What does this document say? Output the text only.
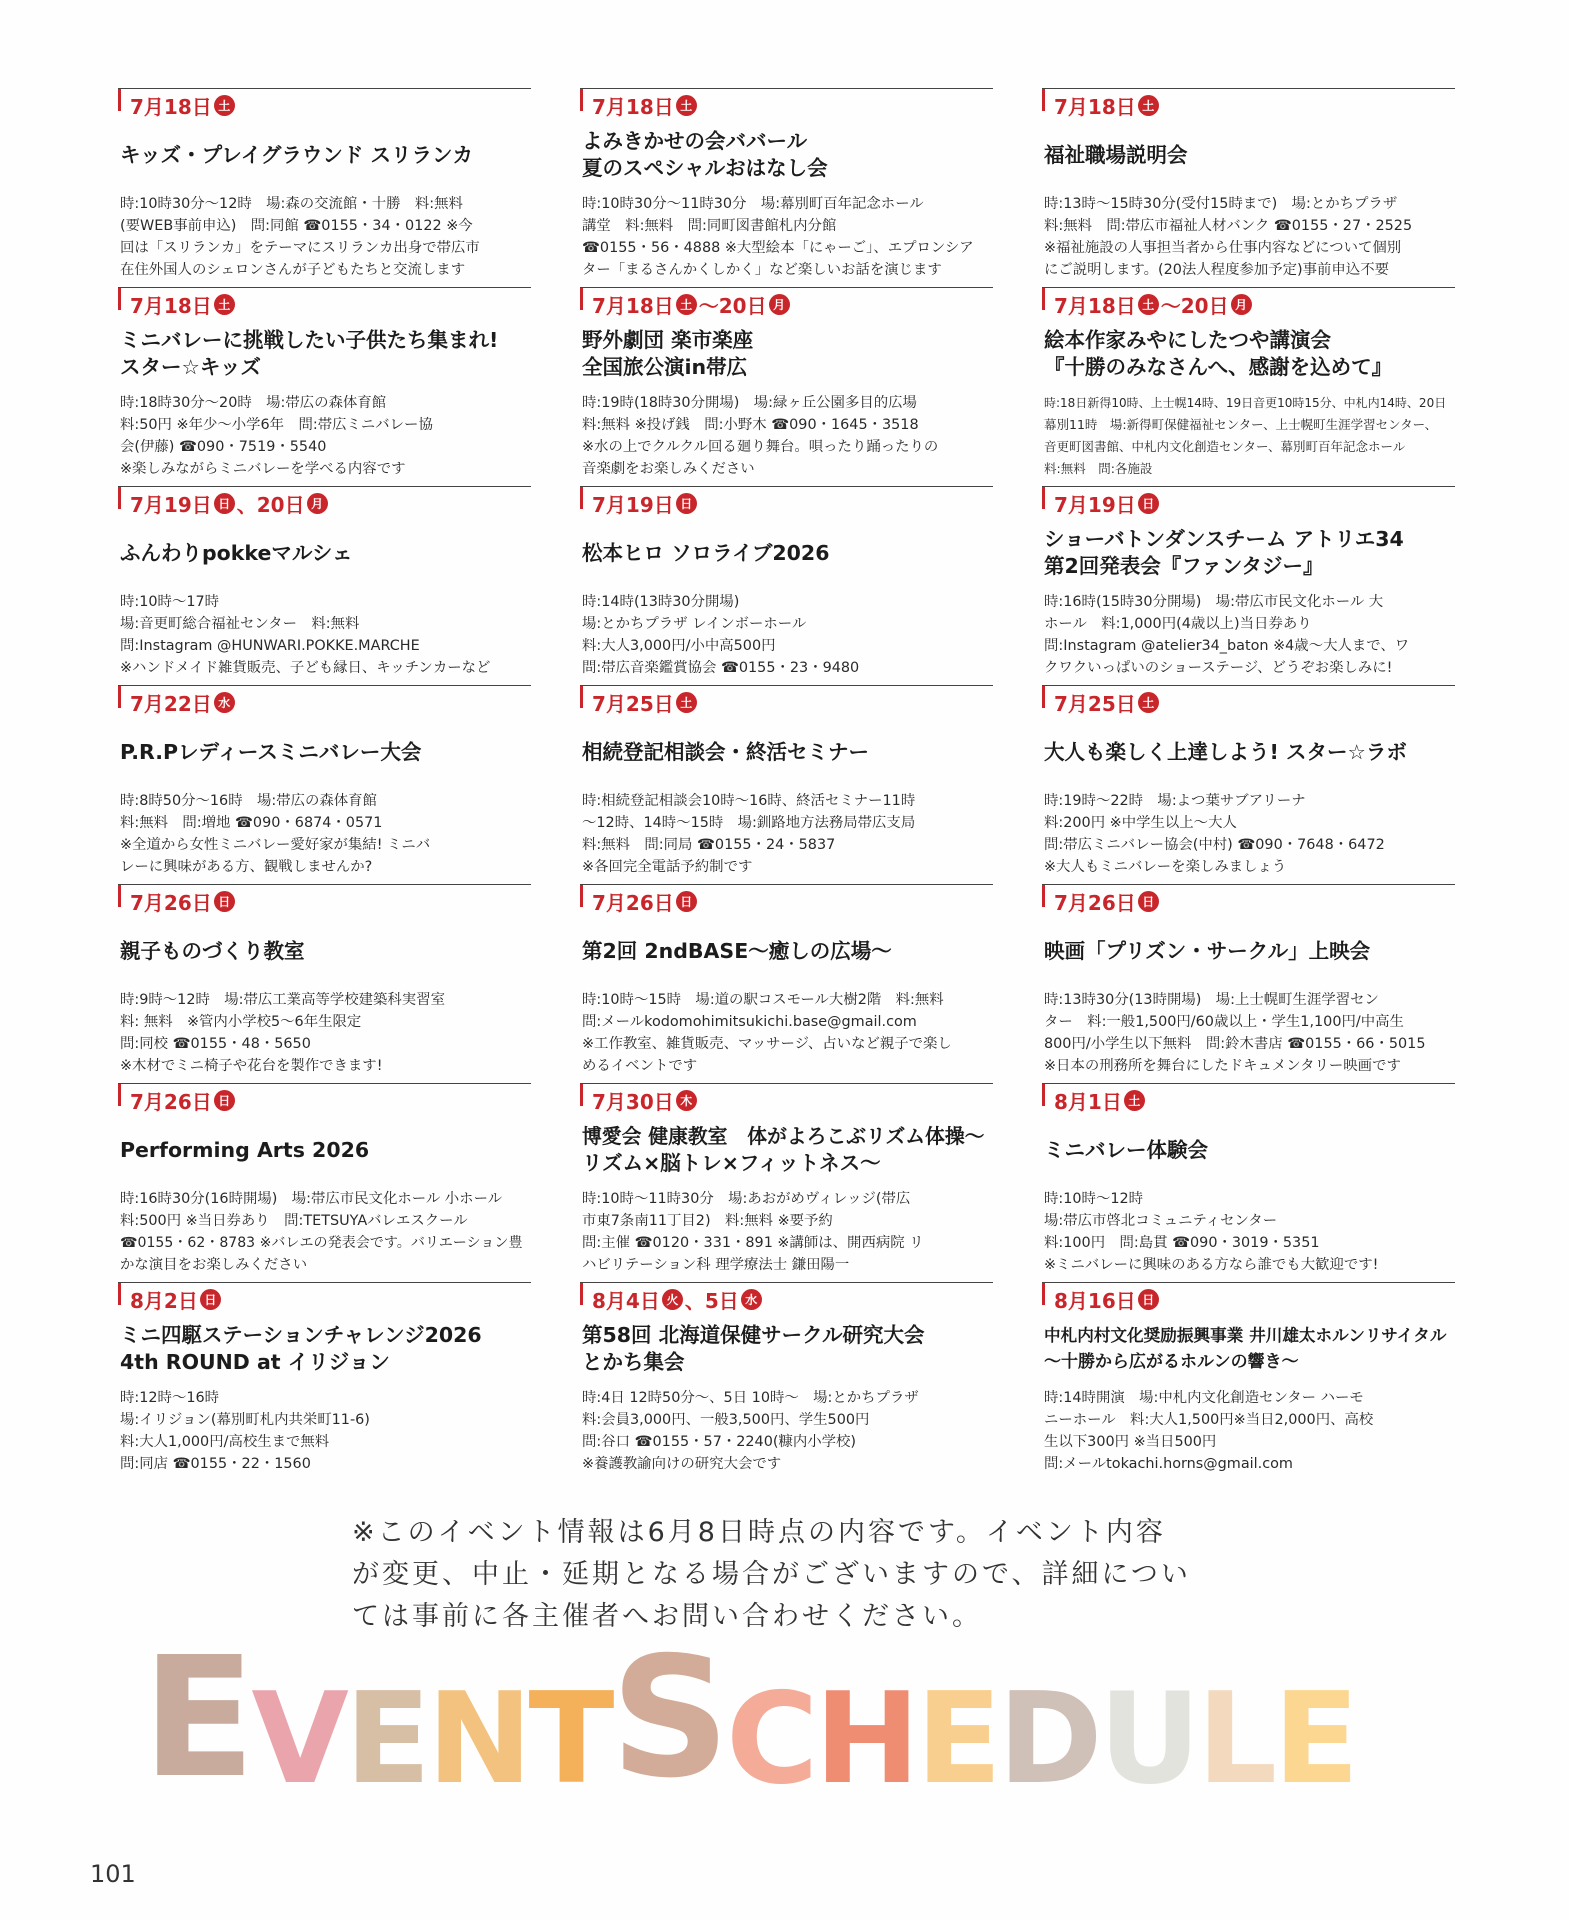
7月18日 土
キッズ・プレイグラウンド スリランカ
時:10時30分～12時　場:森の交流館・十勝　料:無料
(要WEB事前申込)　問:同館 ☎0155・34・0122 ※今
回は「スリランカ」をテーマにスリランカ出身で帯広市
在住外国人のシェロンさんが子どもたちと交流します
7月18日 土
よみきかせの会ババール
夏のスペシャルおはなし会
時:10時30分～11時30分　場:幕別町百年記念ホール
講堂　料:無料　問:同町図書館札内分館
☎0155・56・4888 ※大型絵本「にゃーご」、エプロンシア
ター「まるさんかくしかく」など楽しいお話を演じます
7月18日 土
福祉職場説明会
時:13時～15時30分(受付15時まで)　場:とかちプラザ
料:無料　問:帯広市福祉人材バンク ☎0155・27・2525
※福祉施設の人事担当者から仕事内容などについて個別
にご説明します。(20法人程度参加予定)事前申込不要
7月18日 土
ミニバレーに挑戦したい子供たち集まれ!
スター☆キッズ
時:18時30分～20時　場:帯広の森体育館
料:50円 ※年少～小学6年　問:帯広ミニバレー協
会(伊藤) ☎090・7519・5540
※楽しみながらミニバレーを学べる内容です
7月18日 土 ～20日 月
野外劇団 楽市楽座
全国旅公演in帯広
時:19時(18時30分開場)　場:緑ヶ丘公園多目的広場
料:無料 ※投げ銭　問:小野木 ☎090・1645・3518
※水の上でクルクル回る廻り舞台。唄ったり踊ったりの
音楽劇をお楽しみください
7月18日 土 ～20日 月
絵本作家みやにしたつや講演会
『十勝のみなさんへ、感謝を込めて』
時:18日新得10時、上士幌14時、19日音更10時15分、中札内14時、20日
幕別11時　場:新得町保健福祉センター、上士幌町生涯学習センター、
音更町図書館、中札内文化創造センター、幕別町百年記念ホール
料:無料　問:各施設
7月19日 日 、20日 月
ふんわりpokkeマルシェ
時:10時～17時
場:音更町総合福祉センター　料:無料
問:Instagram @HUNWARI.POKKE.MARCHE
※ハンドメイド雑貨販売、子ども縁日、キッチンカーなど
7月19日 日
松本ヒロ ソロライブ2026
時:14時(13時30分開場)
場:とかちプラザ レインボーホール
料:大人3,000円/小中高500円
問:帯広音楽鑑賞協会 ☎0155・23・9480
7月19日 日
ショーバトンダンスチーム アトリエ34
第2回発表会『ファンタジー』
時:16時(15時30分開場)　場:帯広市民文化ホール 大
ホール　料:1,000円(4歳以上)当日券あり
問:Instagram @atelier34_baton ※4歳～大人まで、ワ
クワクいっぱいのショーステージ、どうぞお楽しみに!
7月22日 水
P.R.Pレディースミニバレー大会
時:8時50分～16時　場:帯広の森体育館
料:無料　問:増地 ☎090・6874・0571
※全道から女性ミニバレー愛好家が集結! ミニバ
レーに興味がある方、観戦しませんか?
7月25日 土
相続登記相談会・終活セミナー
時:相続登記相談会10時～16時、終活セミナー11時
～12時、14時～15時　場:釧路地方法務局帯広支局
料:無料　問:同局 ☎0155・24・5837
※各回完全電話予約制です
7月25日 土
大人も楽しく上達しよう! スター☆ラボ
時:19時～22時　場:よつ葉サブアリーナ
料:200円 ※中学生以上～大人
問:帯広ミニバレー協会(中村) ☎090・7648・6472
※大人もミニバレーを楽しみましょう
7月26日 日
親子ものづくり教室
時:9時～12時　場:帯広工業高等学校建築科実習室
料: 無料　※管内小学校5～6年生限定
問:同校 ☎0155・48・5650
※木材でミニ椅子や花台を製作できます!
7月26日 日
第2回 2ndBASE～癒しの広場～
時:10時～15時　場:道の駅コスモール大樹2階　料:無料
問:メールkodomohimitsukichi.base@gmail.com
※工作教室、雑貨販売、マッサージ、占いなど親子で楽し
めるイベントです
7月26日 日
映画「プリズン・サークル」上映会
時:13時30分(13時開場)　場:上士幌町生涯学習セン
ター　料:一般1,500円/60歳以上・学生1,100円/中高生
800円/小学生以下無料　問:鈴木書店 ☎0155・66・5015
※日本の刑務所を舞台にしたドキュメンタリー映画です
7月26日 日
Performing Arts 2026
時:16時30分(16時開場)　場:帯広市民文化ホール 小ホール
料:500円 ※当日券あり　問:TETSUYAバレエスクール
☎0155・62・8783 ※バレエの発表会です。バリエーション豊
かな演目をお楽しみください
7月30日 木
博愛会 健康教室　体がよろこぶリズム体操～
リズム×脳トレ×フィットネス～
時:10時～11時30分　場:あおがめヴィレッジ(帯広
市東7条南11丁目2)　料:無料 ※要予約
問:主催 ☎0120・331・891 ※講師は、開西病院 リ
ハビリテーション科 理学療法士 鎌田陽一
8月1日 土
ミニバレー体験会
時:10時～12時
場:帯広市啓北コミュニティセンター
料:100円　問:島貫 ☎090・3019・5351
※ミニバレーに興味のある方なら誰でも大歓迎です!
8月2日 日
ミニ四駆ステーションチャレンジ2026
4th ROUND at イリジョン
時:12時～16時
場:イリジョン(幕別町札内共栄町11-6)
料:大人1,000円/高校生まで無料
問:同店 ☎0155・22・1560
8月4日 火 、5日 水
第58回 北海道保健サークル研究大会
とかち集会
時:4日 12時50分～、5日 10時～　場:とかちプラザ
料:会員3,000円、一般3,500円、学生500円
問:谷口 ☎0155・57・2240(糠内小学校)
※養護教諭向けの研究大会です
8月16日 日
中札内村文化奨励振興事業 井川雄太ホルンリサイタル
～十勝から広がるホルンの響き～
時:14時開演　場:中札内文化創造センター ハーモ
ニーホール　料:大人1,500円※当日2,000円、高校
生以下300円 ※当日500円
問:メールtokachi.horns@gmail.com
※このイベント情報は6月8日時点の内容です。イベント内容
が変更、中止・延期となる場合がございますので、詳細につい
ては事前に各主催者へお問い合わせください。
E V E N T S C H E D U L E
101
